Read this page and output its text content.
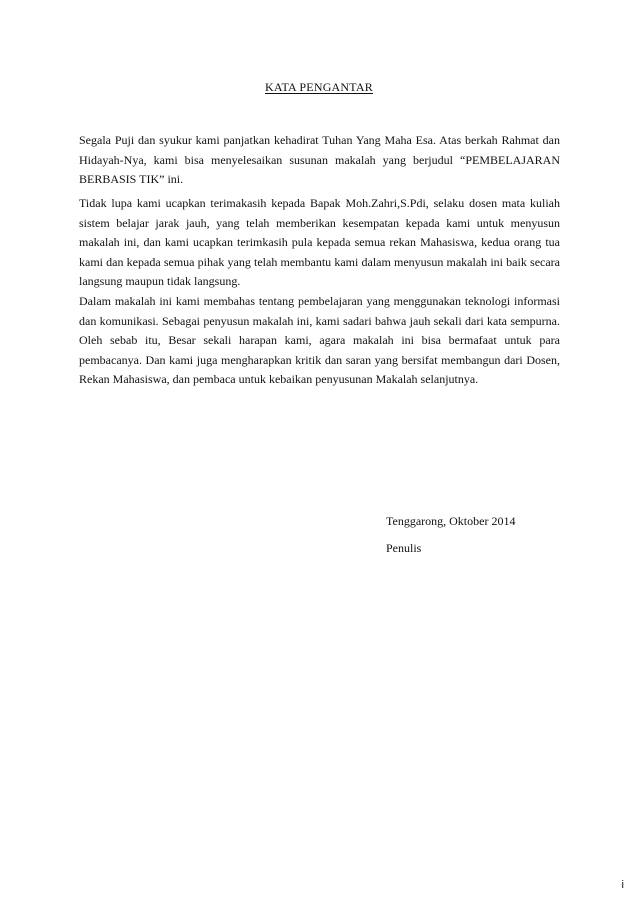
KATA PENGANTAR

Segala Puji dan syukur kami panjatkan kehadirat Tuhan Yang Maha Esa. Atas berkah Rahmat dan Hidayah-Nya, kami bisa menyelesaikan susunan makalah yang berjudul “PEMBELAJARAN BERBASIS TIK” ini.

Tidak lupa kami ucapkan terimakasih kepada Bapak Moh.Zahri,S.Pdi, selaku dosen mata kuliah sistem belajar jarak jauh, yang telah memberikan kesempatan kepada kami untuk menyusun makalah ini, dan kami ucapkan terimkasih pula kepada semua rekan Mahasiswa, kedua orang tua kami dan kepada semua pihak yang telah membantu kami dalam menyusun makalah ini baik secara langsung maupun tidak langsung.

Dalam makalah ini kami membahas tentang pembelajaran yang menggunakan teknologi informasi dan komunikasi. Sebagai penyusun makalah ini, kami sadari bahwa jauh sekali dari kata sempurna. Oleh sebab itu, Besar sekali harapan kami, agara makalah ini bisa bermafaat untuk para pembacanya. Dan kami juga mengharapkan kritik dan saran yang bersifat membangun dari Dosen, Rekan Mahasiswa, dan pembaca untuk kebaikan penyusunan Makalah selanjutnya.

Tenggarong, Oktober 2014
Penulis
i
